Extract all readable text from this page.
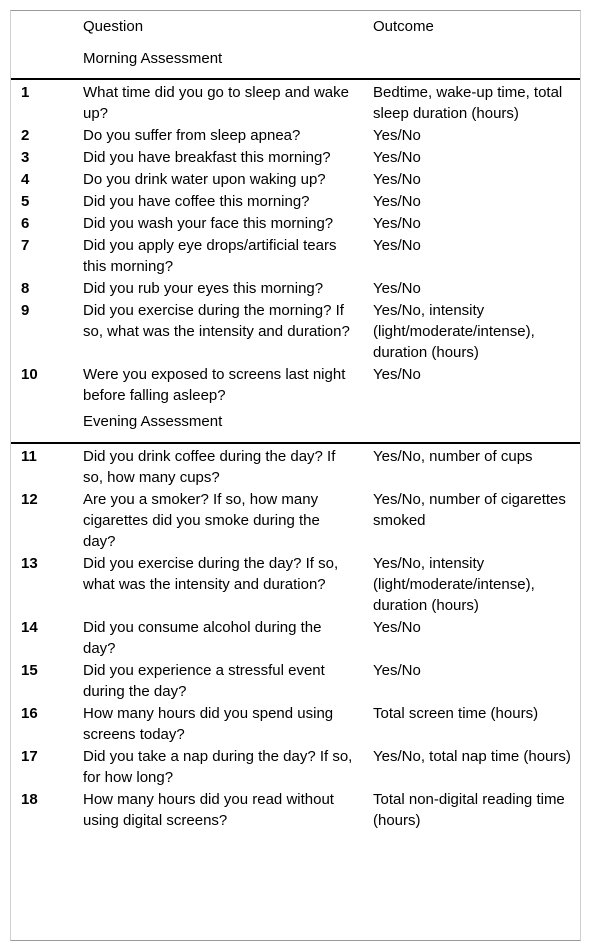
	Question	Outcome
	Morning Assessment	

1	What time did you go to sleep and wake up?	Bedtime, wake-up time, total sleep duration (hours)
2	Do you suffer from sleep apnea?	Yes/No
3	Did you have breakfast this morning?	Yes/No
4	Do you drink water upon waking up?	Yes/No
5	Did you have coffee this morning?	Yes/No
6	Did you wash your face this morning?	Yes/No
7	Did you apply eye drops/artificial tears this morning?	Yes/No
8	Did you rub your eyes this morning?	Yes/No
9	Did you exercise during the morning? If so, what was the intensity and duration?	Yes/No, intensity (light/moderate/intense), duration (hours)
10	Were you exposed to screens last night before falling asleep?	Yes/No
	Evening Assessment	

11	Did you drink coffee during the day? If so, how many cups?	Yes/No, number of cups
12	Are you a smoker? If so, how many cigarettes did you smoke during the day?	Yes/No, number of cigarettes smoked
13	Did you exercise during the day? If so, what was the intensity and duration?	Yes/No, intensity (light/moderate/intense), duration (hours)
14	Did you consume alcohol during the day?	Yes/No
15	Did you experience a stressful event during the day?	Yes/No
16	How many hours did you spend using screens today?	Total screen time (hours)
17	Did you take a nap during the day? If so, for how long?	Yes/No, total nap time (hours)
18	How many hours did you read without using digital screens?	Total non-digital reading time (hours)
